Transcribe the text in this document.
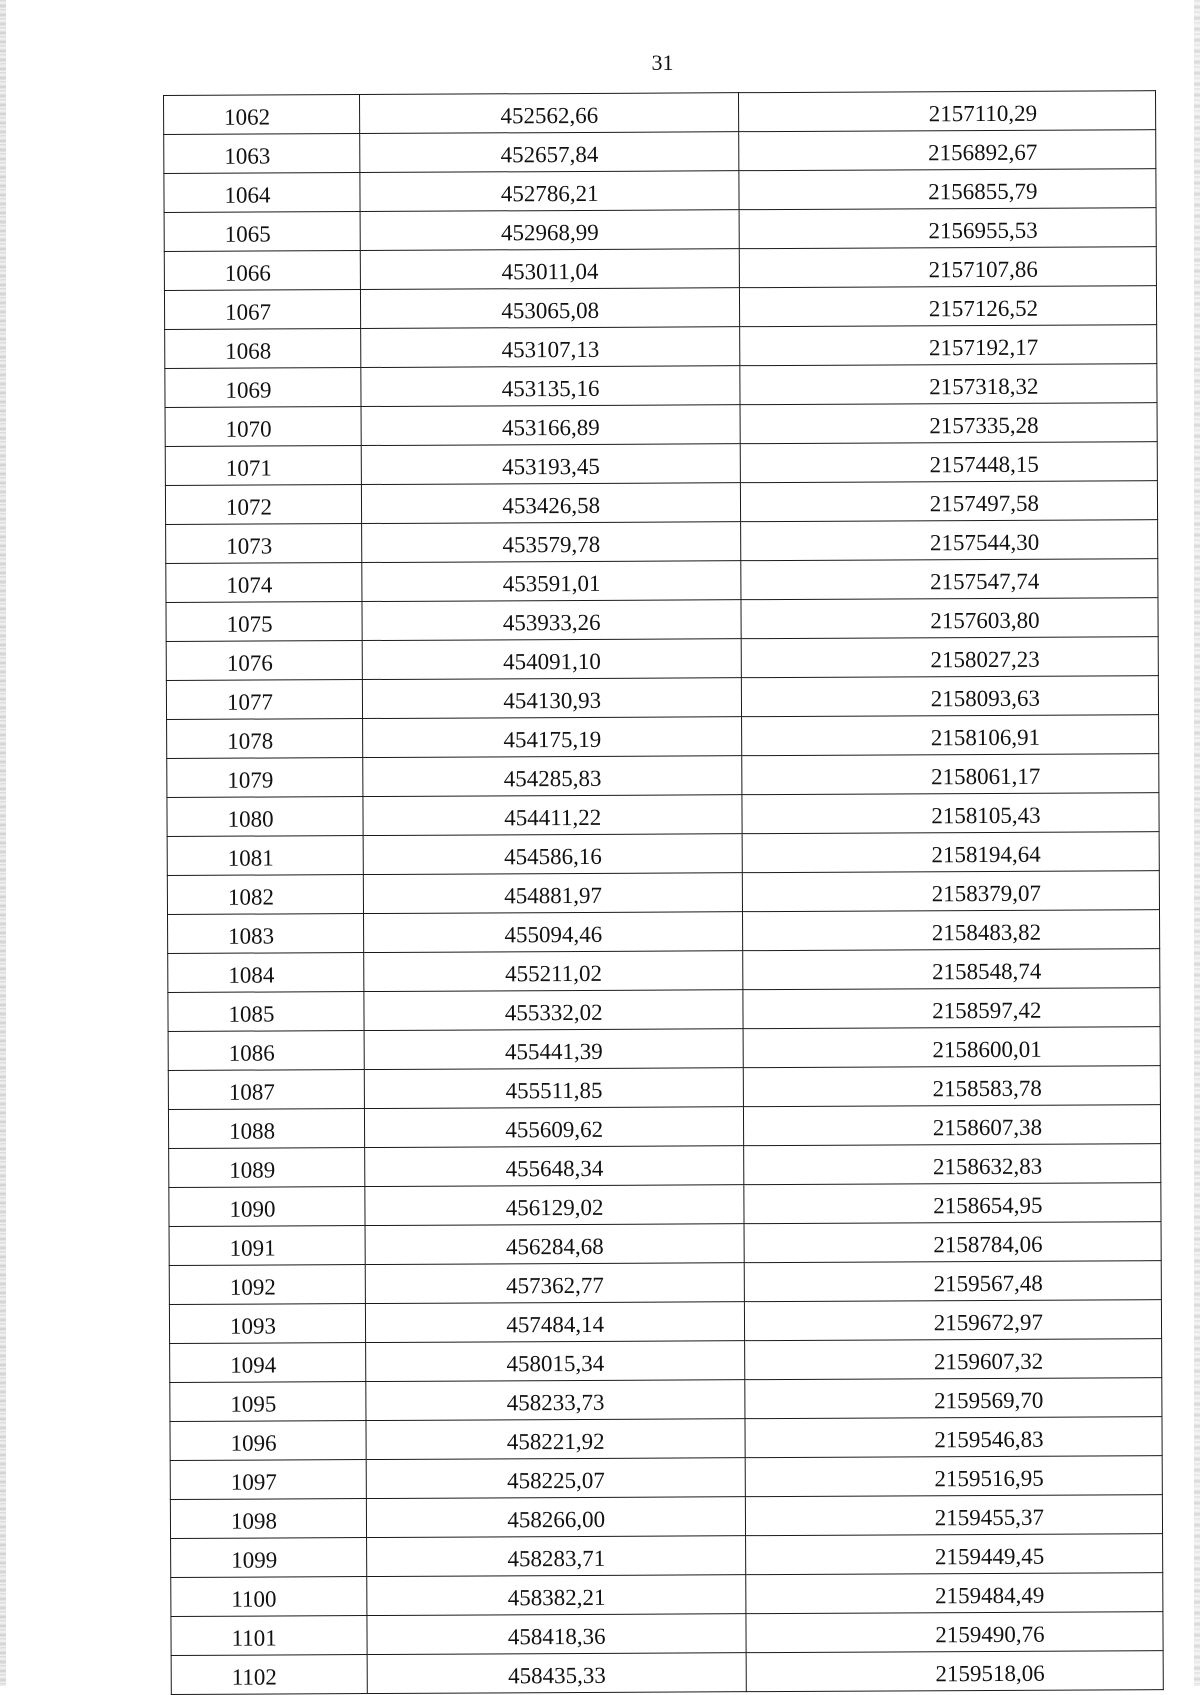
31
1062	452562,66	2157110,29
1063	452657,84	2156892,67
1064	452786,21	2156855,79
1065	452968,99	2156955,53
1066	453011,04	2157107,86
1067	453065,08	2157126,52
1068	453107,13	2157192,17
1069	453135,16	2157318,32
1070	453166,89	2157335,28
1071	453193,45	2157448,15
1072	453426,58	2157497,58
1073	453579,78	2157544,30
1074	453591,01	2157547,74
1075	453933,26	2157603,80
1076	454091,10	2158027,23
1077	454130,93	2158093,63
1078	454175,19	2158106,91
1079	454285,83	2158061,17
1080	454411,22	2158105,43
1081	454586,16	2158194,64
1082	454881,97	2158379,07
1083	455094,46	2158483,82
1084	455211,02	2158548,74
1085	455332,02	2158597,42
1086	455441,39	2158600,01
1087	455511,85	2158583,78
1088	455609,62	2158607,38
1089	455648,34	2158632,83
1090	456129,02	2158654,95
1091	456284,68	2158784,06
1092	457362,77	2159567,48
1093	457484,14	2159672,97
1094	458015,34	2159607,32
1095	458233,73	2159569,70
1096	458221,92	2159546,83
1097	458225,07	2159516,95
1098	458266,00	2159455,37
1099	458283,71	2159449,45
1100	458382,21	2159484,49
1101	458418,36	2159490,76
1102	458435,33	2159518,06
